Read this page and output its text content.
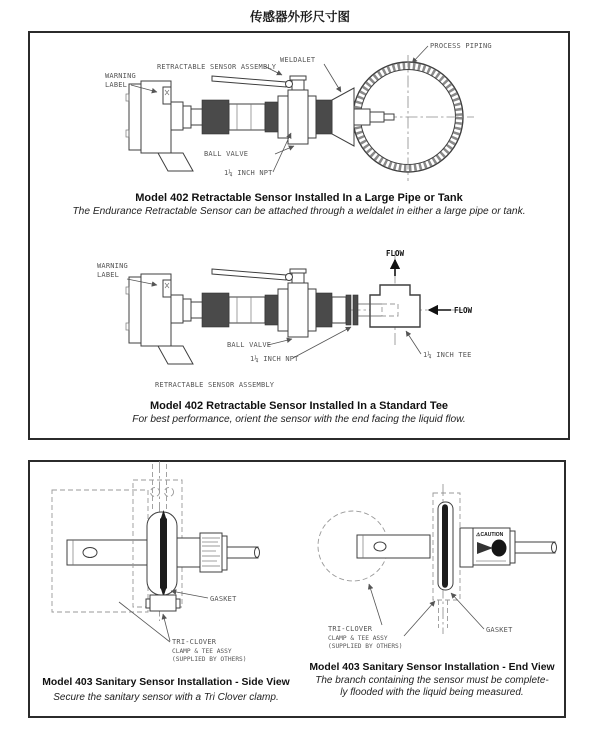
传感器外形尺寸图
WARNING
LABEL
RETRACTABLE SENSOR ASSEMBLY
WELDALET
PROCESS PIPING
BALL VALVE
1¼ INCH NPT
Model 402 Retractable Sensor Installed In a Large Pipe or Tank
The Endurance Retractable Sensor can be attached through a weldalet in either a large pipe or tank.
WARNING
LABEL
FLOW
FLOW
BALL VALVE
1¼ INCH NPT	1¼ INCH TEE
RETRACTABLE SENSOR ASSEMBLY
Model 402 Retractable Sensor Installed In a Standard Tee
For best performance, orient the sensor with the end facing the liquid flow.
GASKET
TRI-CLOVER
CLAMP & TEE ASSY
(SUPPLIED BY OTHERS)
Model 403 Sanitary Sensor Installation - Side View
Secure the sanitary sensor with a Tri Clover clamp.
⚠CAUTION
TRI-CLOVER
CLAMP & TEE ASSY
(SUPPLIED BY OTHERS)
GASKET
Model 403 Sanitary Sensor Installation - End View
The branch containing the sensor must be complete-
ly flooded with the liquid being measured.
